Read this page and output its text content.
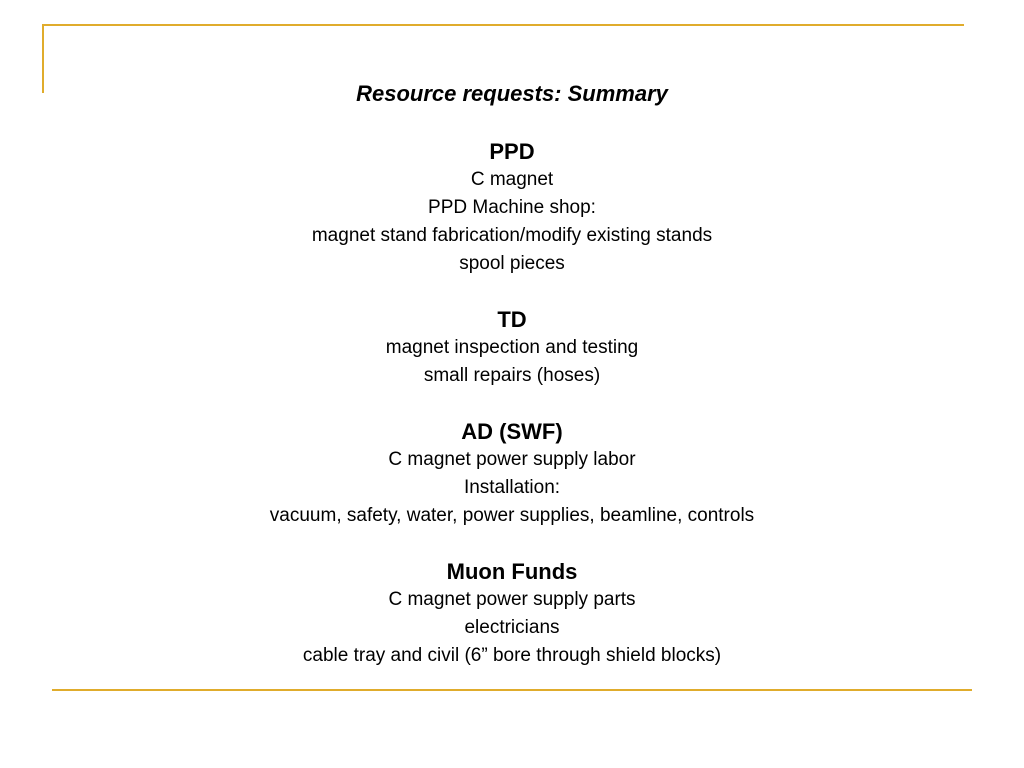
Resource requests: Summary
PPD
C magnet
PPD Machine shop:
magnet stand fabrication/modify existing stands
spool pieces
TD
magnet inspection and testing
small repairs (hoses)
AD (SWF)
C magnet power supply labor
Installation:
vacuum, safety, water, power supplies, beamline, controls
Muon Funds
C magnet power supply parts
electricians
cable tray and civil (6” bore through shield blocks)
